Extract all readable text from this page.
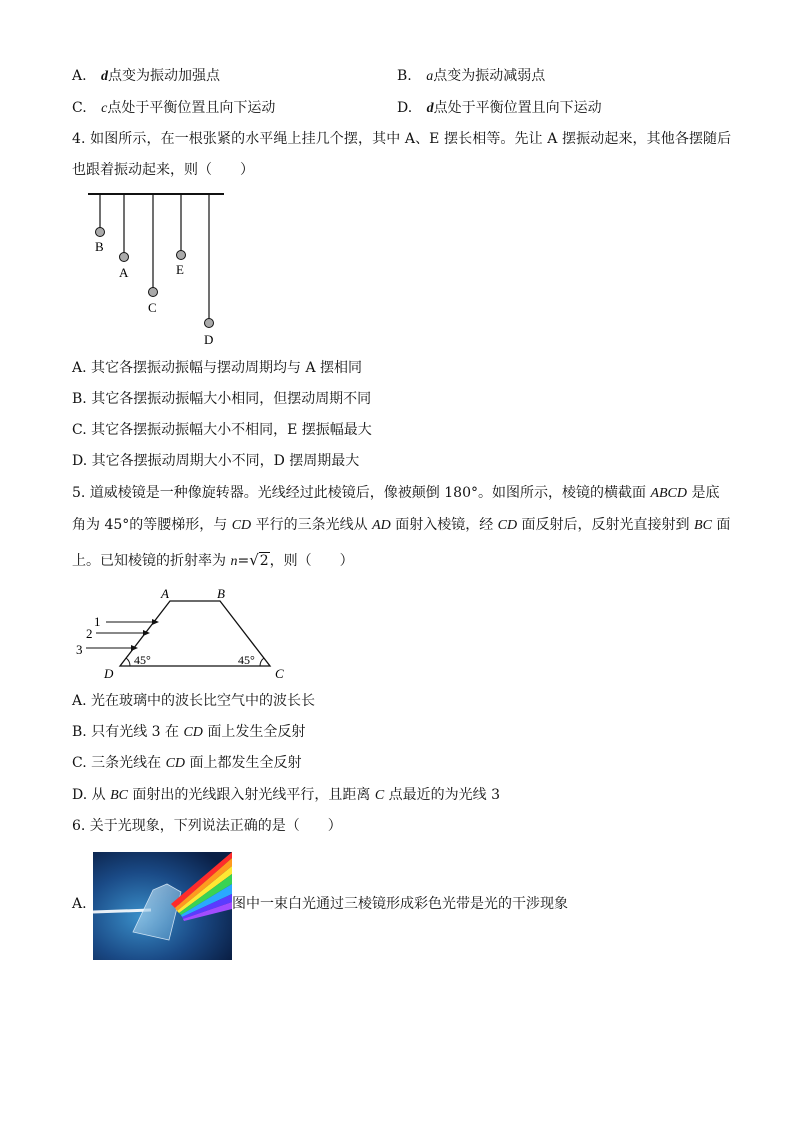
A. d点变为振动加强点	B. a点变为振动减弱点
C. c点处于平衡位置且向下运动	D. d点处于平衡位置且向下运动
4. 如图所示，在一根张紧的水平绳上挂几个摆，其中 A、E 摆长相等。先让 A 摆振动起来，其他各摆随后
也跟着振动起来，则（　　）
B
A
C
E
D
A. 其它各摆振动振幅与摆动周期均与 A 摆相同
B. 其它各摆振动振幅大小相同，但摆动周期不同
C. 其它各摆振动振幅大小不相同，E 摆振幅最大
D. 其它各摆振动周期大小不同，D 摆周期最大
5. 道威棱镜是一种像旋转器。光线经过此棱镜后，像被颠倒 180°。如图所示，棱镜的横截面 ABCD 是底
角为 45°的等腰梯形，与 CD 平行的三条光线从 AD 面射入棱镜，经 CD 面反射后，反射光直接射到 BC 面
上。已知棱镜的折射率为 n=√2，则（　　）
1
2
3
A	B
D	C
45°	45°
A. 光在玻璃中的波长比空气中的波长长
B. 只有光线 3 在 CD 面上发生全反射
C. 三条光线在 CD 面上都发生全反射
D. 从 BC 面射出的光线跟入射光线平行，且距离 C 点最近的为光线 3
6. 关于光现象，下列说法正确的是（　　）
A.	图中一束白光通过三棱镜形成彩色光带是光的干涉现象
